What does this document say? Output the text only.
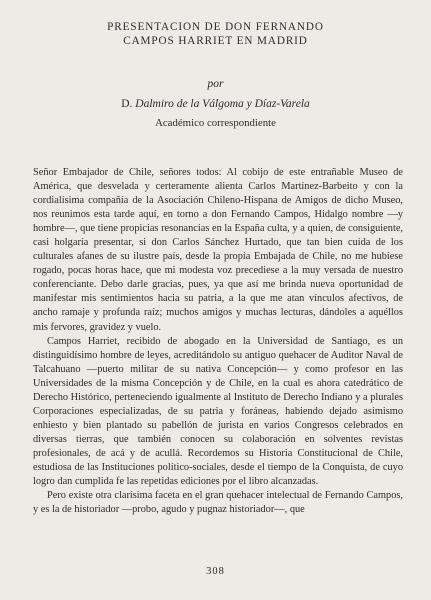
PRESENTACION DE DON FERNANDO
CAMPOS HARRIET EN MADRID
por
D. Dalmiro de la Válgoma y Díaz-Varela
Académico correspondiente

Señor Embajador de Chile, señores todos: Al cobijo de este entrañable Museo de América, que desvelada y certeramente alienta Carlos Martínez-Barbeito y con la cordialísima compañía de la Asociación Chileno-Hispana de Amigos de dicho Museo, nos reunimos esta tarde aquí, en torno a don Fernando Campos, Hidalgo nombre —y hombre—, que tiene propicias resonancias en la España culta, y a quien, de consiguiente, casi holgaría presentar, si don Carlos Sánchez Hurtado, que tan bien cuida de los culturales afanes de su ilustre país, desde la propia Embajada de Chile, no me hubiese rogado, pocas horas hace, que mi modesta voz precediese a la muy versada de nuestro conferenciante. Debo darle gracias, pues, ya que así me brinda nueva oportunidad de manifestar mis sentimientos hacia su patria, a la que me atan vínculos afectivos, de ancho ramaje y profunda raíz; muchos amigos y muchas lecturas, dándoles a aquéllos mis fervores, gravidez y vuelo.

Campos Harriet, recibido de abogado en la Universidad de Santiago, es un distinguidísimo hombre de leyes, acreditándolo su antiguo quehacer de Auditor Naval de Talcahuano —puerto militar de su nativa Concepción— y como profesor en las Universidades de la misma Concepción y de Chile, en la cual es ahora catedrático de Derecho Histórico, perteneciendo igualmente al Instituto de Derecho Indiano y a plurales Corporaciones especializadas, de su patria y foráneas, habiendo dejado asimismo enhiesto y bien plantado su pabellón de jurista en varios Congresos celebrados en diversas tierras, que también conocen su colaboración en solventes revistas profesionales, de acá y de acullá. Recordemos su Historia Constitucional de Chile, estudiosa de las Instituciones político-sociales, desde el tiempo de la Conquista, de cuyo logro dan cumplida fe las repetidas ediciones por el libro alcanzadas.

Pero existe otra clarísima faceta en el gran quehacer intelectual de Fernando Campos, y es la de historiador —probo, agudo y pugnaz historiador—, que

308
